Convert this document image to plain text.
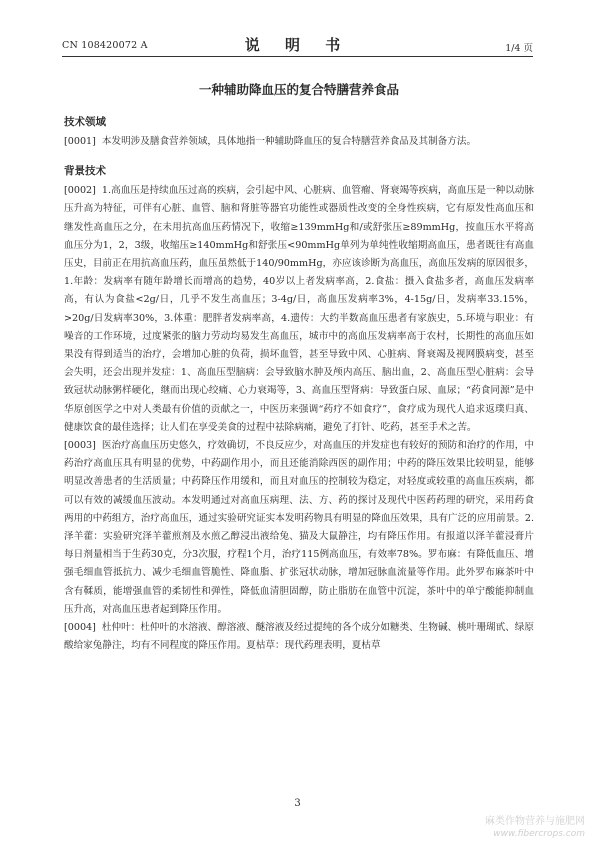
CN 108420072 A	说 明 书	1/4 页
一种辅助降血压的复合特膳营养食品
技术领域

[0001] 本发明涉及膳食营养领域，具体地指一种辅助降血压的复合特膳营养食品及其制备方法。

背景技术

[0002] 1.高血压是持续血压过高的疾病，会引起中风、心脏病、血管瘤、肾衰竭等疾病，高血压是一种以动脉压升高为特征，可伴有心脏、血管、脑和肾脏等器官功能性或器质性改变的全身性疾病，它有原发性高血压和继发性高血压之分，在未用抗高血压药情况下，收缩≥139mmHg和/或舒张压≥89mmHg，按血压水平将高血压分为1，2，3级，收缩压≥140mmHg和舒张压<90mmHg单列为单纯性收缩期高血压，患者既往有高血压史，目前正在用抗高血压药，血压虽然低于140/90mmHg，亦应该诊断为高血压，高血压发病的原因很多，1.年龄：发病率有随年龄增长而增高的趋势，40岁以上者发病率高，2.食盐：摄入食盐多者，高血压发病率高，有认为食盐<2g/日，几乎不发生高血压；3-4g/日，高血压发病率3%，4-15g/日，发病率33.15%，>20g/日发病率30%，3.体重：肥胖者发病率高，4.遗传：大约半数高血压患者有家族史，5.环境与职业：有噪音的工作环境，过度紧张的脑力劳动均易发生高血压，城市中的高血压发病率高于农村，长期性的高血压如果没有得到适当的治疗，会增加心脏的负荷，损坏血管，甚至导致中风、心脏病、肾衰竭及视网膜病变，甚至会失明，还会出现并发症：1、高血压型脑病：会导致脑水肿及颅内高压、脑出血，2、高血压型心脏病：会导致冠状动脉粥样硬化，继而出现心绞痛、心力衰竭等，3、高血压型肾病：导致蛋白尿、血尿；“药食同源”是中华原创医学之中对人类最有价值的贡献之一，中医历来强调“药疗不如食疗”，食疗成为现代人追求返璞归真、健康饮食的最佳选择；让人们在享受美食的过程中祛除病痛，避免了打针、吃药，甚至手术之苦。

[0003] 医治疗高血压历史悠久，疗效确切，不良反应少，对高血压的并发症也有较好的预防和治疗的作用，中药治疗高血压具有明显的优势，中药副作用小，而且还能消除西医的副作用；中药的降压效果比较明显，能够明显改善患者的生活质量；中药降压作用缓和，而且对血压的控制较为稳定，对轻度或较重的高血压疾病，都可以有效的减缓血压波动。本发明通过对高血压病理、法、方、药的探讨及现代中医药药理的研究，采用药食两用的中药组方，治疗高血压，通过实验研究证实本发明药物具有明显的降血压效果，具有广泛的应用前景。2.泽羊藿：实验研究泽羊藿煎剂及水煎乙醇浸出液给兔、猫及大鼠静注，均有降压作用。有报道以泽羊藿浸膏片每日剂量相当于生药30克，分3次服，疗程1个月，治疗115例高血压，有效率78%。罗布麻：有降低血压、增强毛细血管抵抗力、减少毛细血管脆性、降血脂、扩张冠状动脉，增加冠脉血流量等作用。此外罗布麻茶叶中含有鞣质，能增强血管的柔韧性和弹性，降低血清胆固醇，防止脂肪在血管中沉淀，茶叶中的单宁酸能抑制血压升高，对高血压患者起到降压作用。

[0004] 杜仲叶：杜仲叶的水溶液、醇溶液、醚溶液及经过提纯的各个成分如糖类、生物碱、桃叶珊瑚甙、绿原酸给家兔静注，均有不同程度的降压作用。夏枯草：现代药理表明，夏枯草

3
麻类作物营养与施肥网
www.fibercrops.com
